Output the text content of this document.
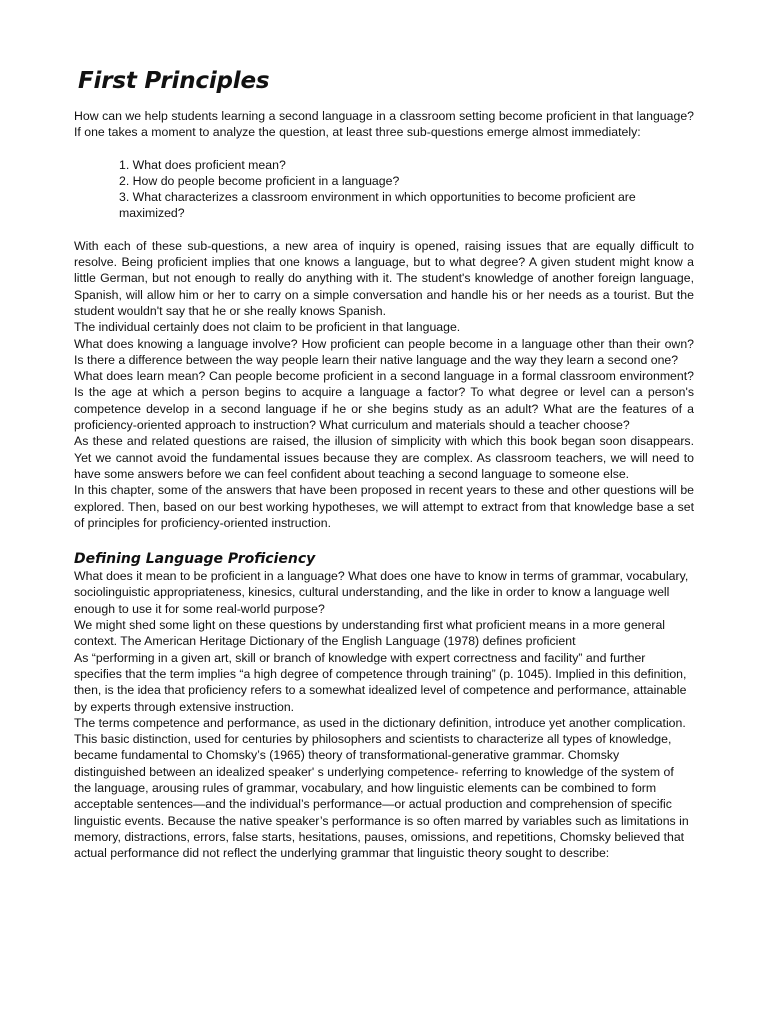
First Principles

How can we help students learning a second language in a classroom setting become proficient in that language? If one takes a moment to analyze the question, at least three sub-questions emerge almost immediately:

1. What does proficient mean?
2. How do people become proficient in a language?
3. What characterizes a classroom environment in which opportunities to become proficient are maximized?

With each of these sub-questions, a new area of inquiry is opened, raising issues that are equally difficult to resolve. Being proficient implies that one knows a language, but to what degree? A given student might know a little German, but not enough to really do anything with it. The student's knowledge of another foreign language, Spanish, will allow him or her to carry on a simple conversation and handle his or her needs as a tourist. But the student wouldn't say that he or she really knows Spanish.

The individual certainly does not claim to be proficient in that language.

What does knowing a language involve? How proficient can people become in a language other than their own? Is there a difference between the way people learn their native language and the way they learn a second one?

What does learn mean? Can people become proficient in a second language in a formal classroom environment? Is the age at which a person begins to acquire a language a factor? To what degree or level can a person's competence develop in a second language if he or she begins study as an adult? What are the features of a proficiency-oriented approach to instruction? What curriculum and materials should a teacher choose?

As these and related questions are raised, the illusion of simplicity with which this book began soon disappears. Yet we cannot avoid the fundamental issues because they are complex. As classroom teachers, we will need to have some answers before we can feel confident about teaching a second language to someone else.

In this chapter, some of the answers that have been proposed in recent years to these and other questions will be explored. Then, based on our best working hypotheses, we will attempt to extract from that knowledge base a set of principles for proficiency-oriented instruction.

Defining Language Proficiency

What does it mean to be proficient in a language? What does one have to know in terms of grammar, vocabulary, sociolinguistic appropriateness, kinesics, cultural understanding, and the like in order to know a language well enough to use it for some real-world purpose?

We might shed some light on these questions by understanding first what proficient means in a more general context. The American Heritage Dictionary of the English Language (1978) defines proficient

As “performing in a given art, skill or branch of knowledge with expert correctness and facility” and further specifies that the term implies “a high degree of competence through training” (p. 1045). Implied in this definition, then, is the idea that proficiency refers to a somewhat idealized level of competence and performance, attainable by experts through extensive instruction.

The terms competence and performance, as used in the dictionary definition, introduce yet another complication. This basic distinction, used for centuries by philosophers and scientists to characterize all types of knowledge, became fundamental to Chomsky’s (1965) theory of transformational-generative grammar. Chomsky distinguished between an idealized speaker' s underlying competence- referring to knowledge of the system of the language, arousing rules of grammar, vocabulary, and how linguistic elements can be combined to form acceptable sentences—and the individual’s performance—or actual production and comprehension of specific linguistic events. Because the native speaker’s performance is so often marred by variables such as limitations in memory, distractions, errors, false starts, hesitations, pauses, omissions, and repetitions, Chomsky believed that actual performance did not reflect the underlying grammar that linguistic theory sought to describe:
